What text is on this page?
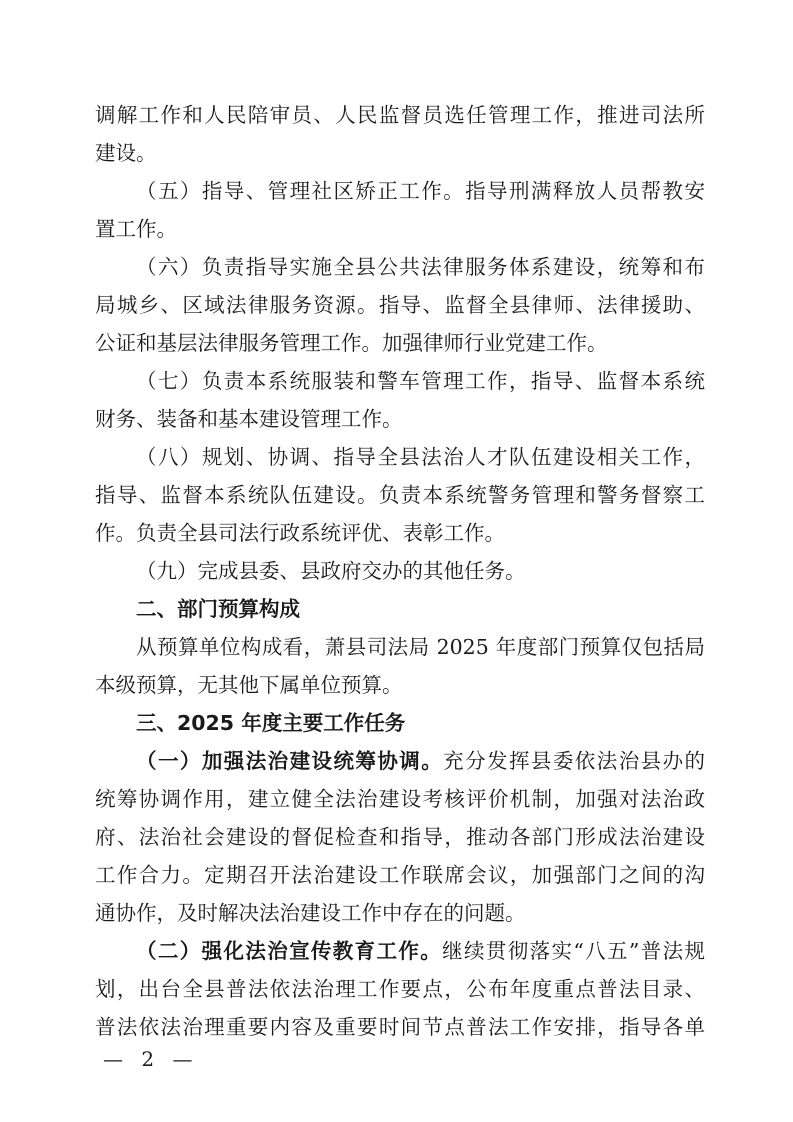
调解工作和人民陪审员、人民监督员选任管理工作，推进司法所

建设。

（五）指导、管理社区矫正工作。指导刑满释放人员帮教安

置工作。

（六）负责指导实施全县公共法律服务体系建设，统筹和布

局城乡、区域法律服务资源。指导、监督全县律师、法律援助、

公证和基层法律服务管理工作。加强律师行业党建工作。

（七）负责本系统服装和警车管理工作，指导、监督本系统

财务、装备和基本建设管理工作。

（八）规划、协调、指导全县法治人才队伍建设相关工作，

指导、监督本系统队伍建设。负责本系统警务管理和警务督察工

作。负责全县司法行政系统评优、表彰工作。

（九）完成县委、县政府交办的其他任务。

二、部门预算构成

从预算单位构成看，萧县司法局 2025 年度部门预算仅包括局

本级预算，无其他下属单位预算。

三、2025 年度主要工作任务

（一）加强法治建设统筹协调。充分发挥县委依法治县办的

统筹协调作用，建立健全法治建设考核评价机制，加强对法治政

府、法治社会建设的督促检查和指导，推动各部门形成法治建设

工作合力。定期召开法治建设工作联席会议，加强部门之间的沟

通协作，及时解决法治建设工作中存在的问题。

（二）强化法治宣传教育工作。继续贯彻落实“八五”普法规

划，出台全县普法依法治理工作要点，公布年度重点普法目录、

普法依法治理重要内容及重要时间节点普法工作安排，指导各单

— 2 —
